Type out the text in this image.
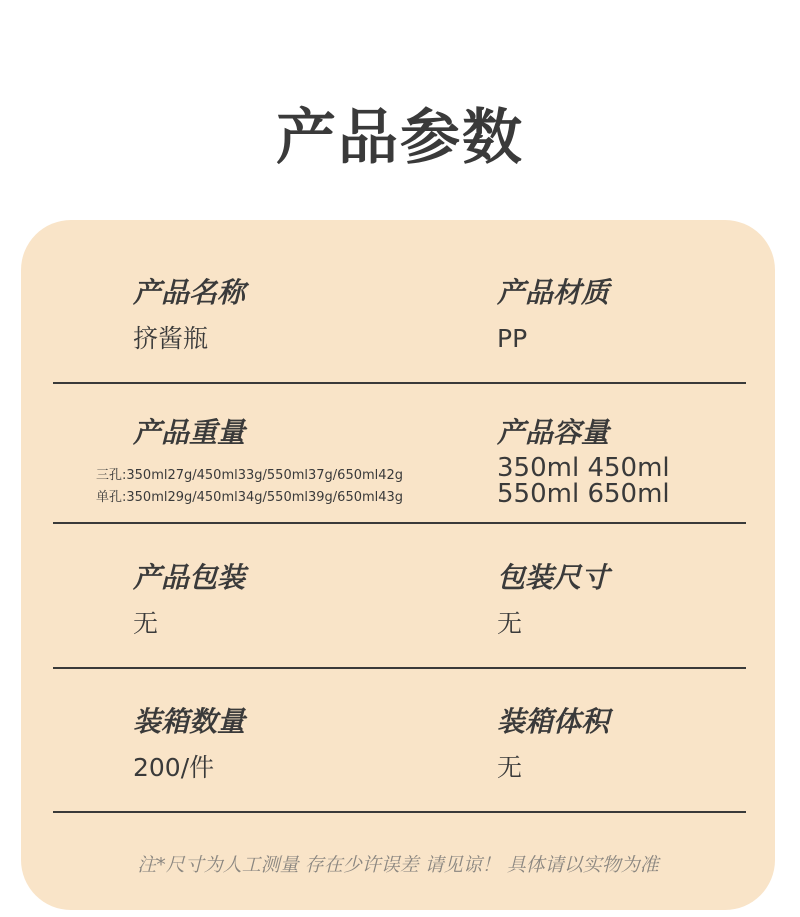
产品参数
产品名称
挤酱瓶
产品材质
PP
产品重量
三孔:350ml27g/450ml33g/550ml37g/650ml42g
单孔:350ml29g/450ml34g/550ml39g/650ml43g
产品容量
350ml 450ml
550ml 650ml
产品包装
无
包装尺寸
无
装箱数量
200/件
装箱体积
无
注*尺寸为人工测量 存在少许误差 请见谅！ 具体请以实物为准
